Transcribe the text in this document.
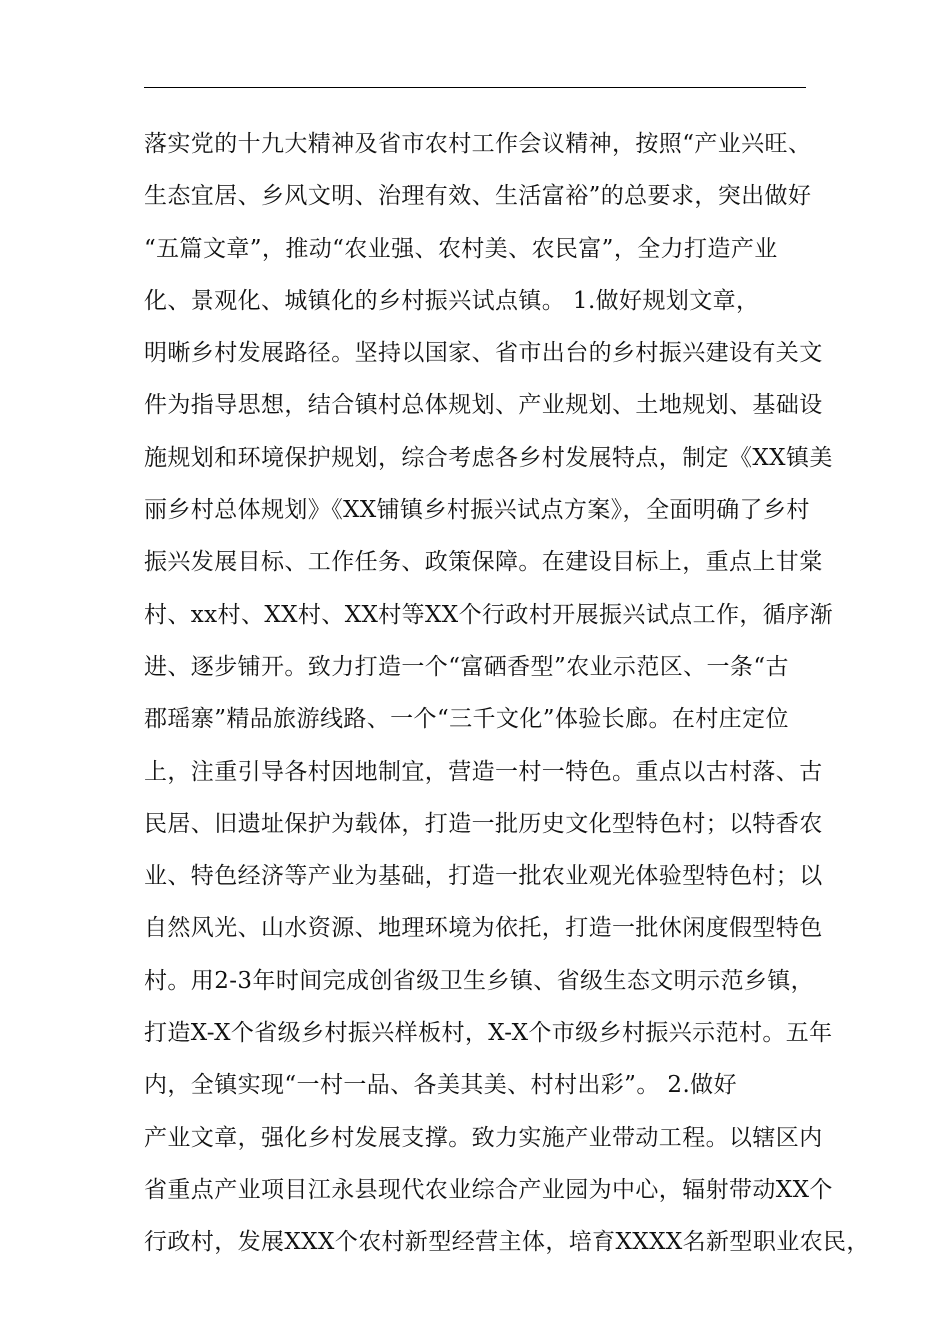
落实党的十九大精神及省市农村工作会议精神，按照“产业兴旺、
生态宜居、乡风文明、治理有效、生活富裕”的总要求，突出做好
“五篇文章”，推动“农业强、农村美、农民富”，全力打造产业
化、景观化、城镇化的乡村振兴试点镇。 1.做好规划文章，
明晰乡村发展路径。坚持以国家、省市出台的乡村振兴建设有关文
件为指导思想，结合镇村总体规划、产业规划、土地规划、基础设
施规划和环境保护规划，综合考虑各乡村发展特点，制定《XX镇美
丽乡村总体规划》《XX铺镇乡村振兴试点方案》，全面明确了乡村
振兴发展目标、工作任务、政策保障。在建设目标上，重点上甘棠
村、xx村、XX村、XX村等XX个行政村开展振兴试点工作，循序渐
进、逐步铺开。致力打造一个“富硒香型”农业示范区、一条“古
郡瑶寨”精品旅游线路、一个“三千文化”体验长廊。在村庄定位
上，注重引导各村因地制宜，营造一村一特色。重点以古村落、古
民居、旧遗址保护为载体，打造一批历史文化型特色村；以特香农
业、特色经济等产业为基础，打造一批农业观光体验型特色村；以
自然风光、山水资源、地理环境为依托，打造一批休闲度假型特色
村。用2-3年时间完成创省级卫生乡镇、省级生态文明示范乡镇，
打造X-X个省级乡村振兴样板村，X-X个市级乡村振兴示范村。五年
内，全镇实现“一村一品、各美其美、村村出彩”。 2.做好
产业文章，强化乡村发展支撑。致力实施产业带动工程。以辖区内
省重点产业项目江永县现代农业综合产业园为中心，辐射带动XX个
行政村，发展XXX个农村新型经营主体，培育XXXX名新型职业农民，
